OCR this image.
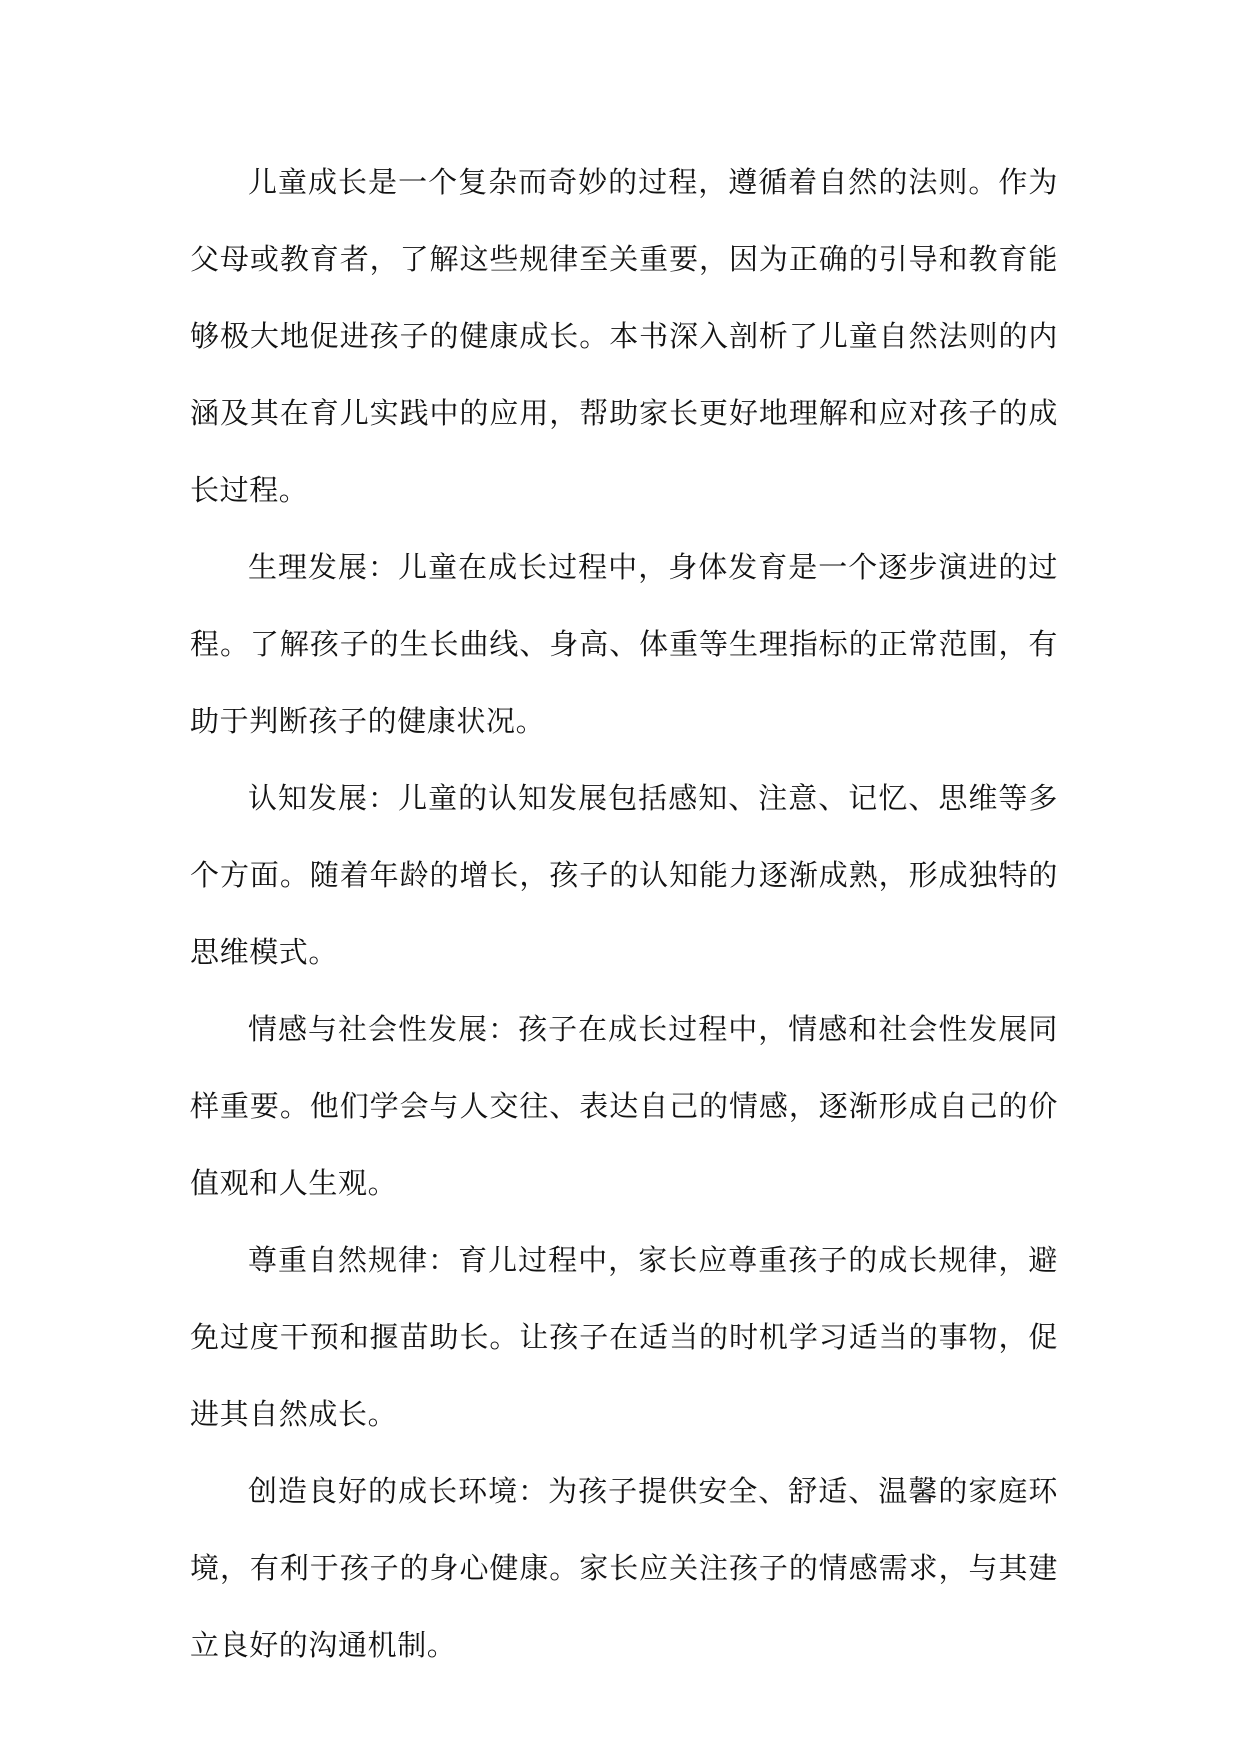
儿童成长是一个复杂而奇妙的过程，遵循着自然的法则。作为父母或教育者，了解这些规律至关重要，因为正确的引导和教育能够极大地促进孩子的健康成长。本书深入剖析了儿童自然法则的内涵及其在育儿实践中的应用，帮助家长更好地理解和应对孩子的成长过程。

生理发展：儿童在成长过程中，身体发育是一个逐步演进的过程。了解孩子的生长曲线、身高、体重等生理指标的正常范围，有助于判断孩子的健康状况。

认知发展：儿童的认知发展包括感知、注意、记忆、思维等多个方面。随着年龄的增长，孩子的认知能力逐渐成熟，形成独特的思维模式。

情感与社会性发展：孩子在成长过程中，情感和社会性发展同样重要。他们学会与人交往、表达自己的情感，逐渐形成自己的价值观和人生观。

尊重自然规律：育儿过程中，家长应尊重孩子的成长规律，避免过度干预和揠苗助长。让孩子在适当的时机学习适当的事物，促进其自然成长。

创造良好的成长环境：为孩子提供安全、舒适、温馨的家庭环境，有利于孩子的身心健康。家长应关注孩子的情感需求，与其建立良好的沟通机制。
